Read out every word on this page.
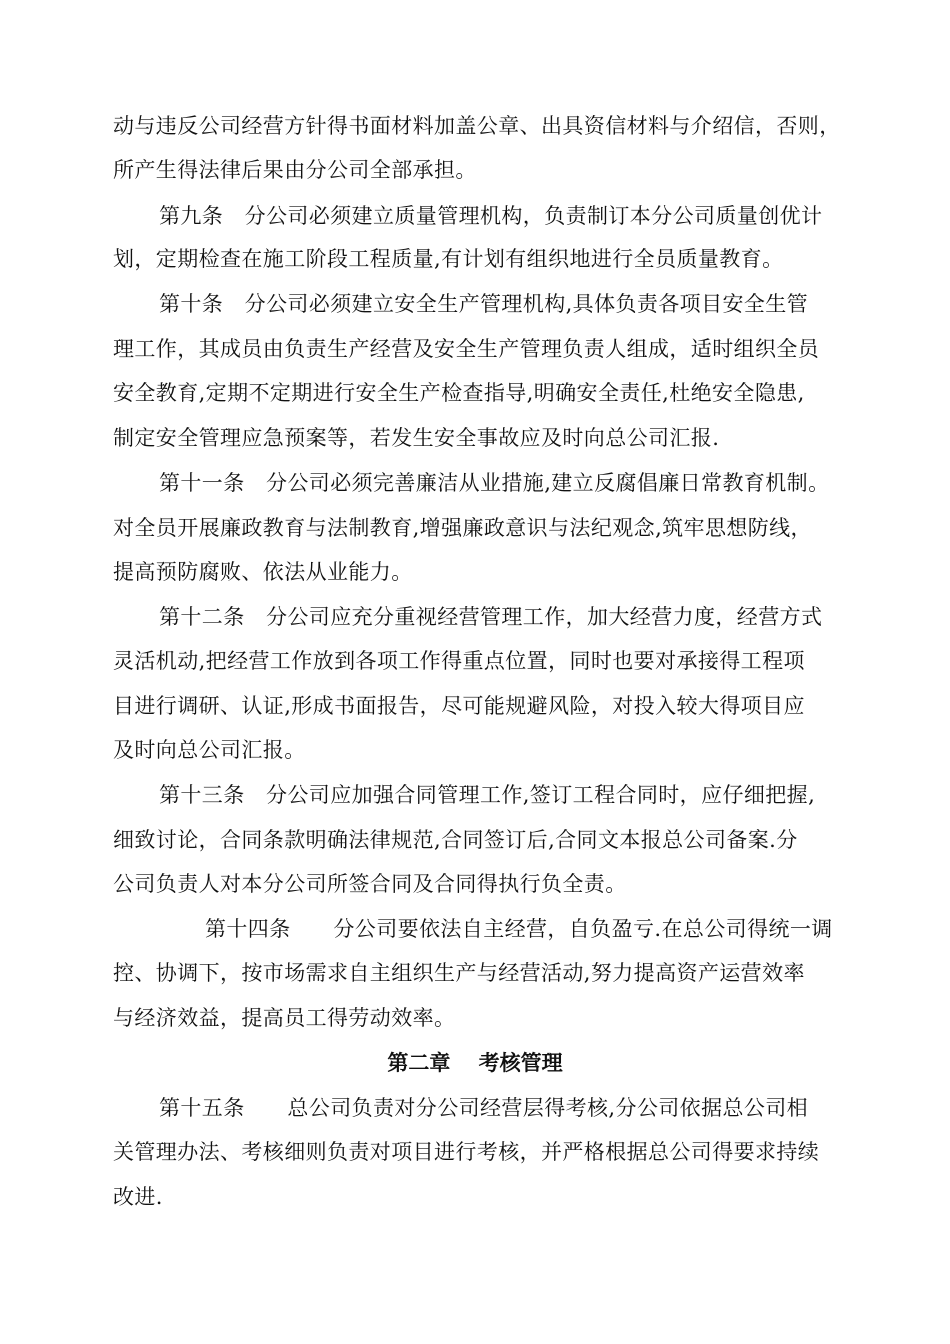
动与违反公司经营方针得书面材料加盖公章、出具资信材料与介绍信，否则，
所产生得法律后果由分公司全部承担。
第九条　分公司必须建立质量管理机构，负责制订本分公司质量创优计
划，定期检查在施工阶段工程质量,有计划有组织地进行全员质量教育。
第十条　分公司必须建立安全生产管理机构,具体负责各项目安全生管
理工作，其成员由负责生产经营及安全生产管理负责人组成，适时组织全员
安全教育,定期不定期进行安全生产检查指导,明确安全责任,杜绝安全隐患,
制定安全管理应急预案等，若发生安全事故应及时向总公司汇报.
第十一条　分公司必须完善廉洁从业措施,建立反腐倡廉日常教育机制。
对全员开展廉政教育与法制教育,增强廉政意识与法纪观念,筑牢思想防线，
提高预防腐败、依法从业能力。
第十二条　分公司应充分重视经营管理工作，加大经营力度，经营方式
灵活机动,把经营工作放到各项工作得重点位置，同时也要对承接得工程项
目进行调研、认证,形成书面报告，尽可能规避风险，对投入较大得项目应
及时向总公司汇报。
第十三条　分公司应加强合同管理工作,签订工程合同时，应仔细把握,
细致讨论，合同条款明确法律规范,合同签订后,合同文本报总公司备案.分
公司负责人对本分公司所签合同及合同得执行负全责。
第十四条　　分公司要依法自主经营，自负盈亏.在总公司得统一调
控、协调下，按市场需求自主组织生产与经营活动,努力提高资产运营效率
与经济效益，提高员工得劳动效率。
第二章　 考核管理
第十五条　　总公司负责对分公司经营层得考核,分公司依据总公司相
关管理办法、考核细则负责对项目进行考核，并严格根据总公司得要求持续
改进.
